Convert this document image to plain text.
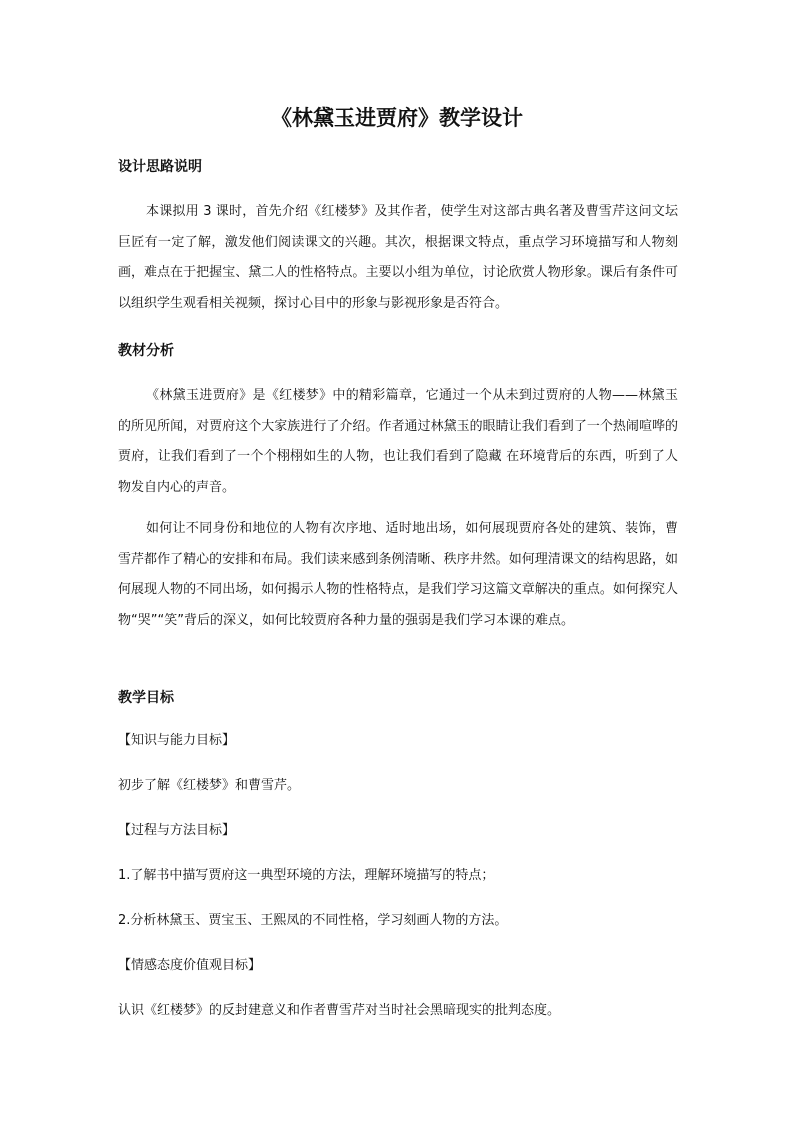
《林黛玉进贾府》教学设计
设计思路说明

本课拟用 3 课时，首先介绍《红楼梦》及其作者，使学生对这部古典名著及曹雪芹这问文坛巨匠有一定了解，激发他们阅读课文的兴趣。其次，根据课文特点，重点学习环境描写和人物刻画，难点在于把握宝、黛二人的性格特点。主要以小组为单位，讨论欣赏人物形象。课后有条件可以组织学生观看相关视频，探讨心目中的形象与影视形象是否符合。

教材分析

《林黛玉进贾府》是《红楼梦》中的精彩篇章，它通过一个从未到过贾府的人物——林黛玉的所见所闻，对贾府这个大家族进行了介绍。作者通过林黛玉的眼睛让我们看到了一个热闹喧哗的贾府，让我们看到了一个个栩栩如生的人物，也让我们看到了隐藏 在环境背后的东西，听到了人物发自内心的声音。

如何让不同身份和地位的人物有次序地、适时地出场，如何展现贾府各处的建筑、装饰，曹雪芹都作了精心的安排和布局。我们读来感到条例清晰、秩序井然。如何理清课文的结构思路，如何展现人物的不同出场，如何揭示人物的性格特点，是我们学习这篇文章解决的重点。如何探究人物“哭”“笑”背后的深义，如何比较贾府各种力量的强弱是我们学习本课的难点。

教学目标
【知识与能力目标】
初步了解《红楼梦》和曹雪芹。
【过程与方法目标】
1.了解书中描写贾府这一典型环境的方法，理解环境描写的特点；
2.分析林黛玉、贾宝玉、王熙凤的不同性格，学习刻画人物的方法。
【情感态度价值观目标】
认识《红楼梦》的反封建意义和作者曹雪芹对当时社会黑暗现实的批判态度。
